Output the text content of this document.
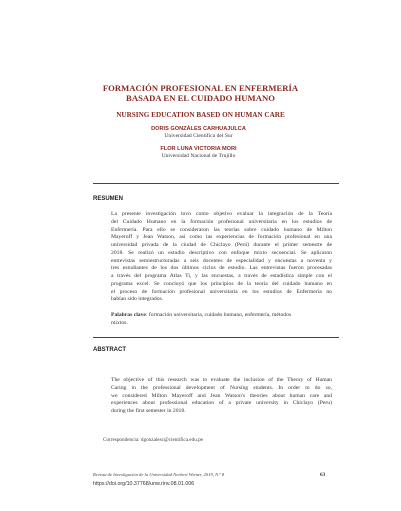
FORMACIÓN PROFESIONAL EN ENFERMERÍA
BASADA EN EL CUIDADO HUMANO
NURSING EDUCATION BASED ON HUMAN CARE
DORIS GONZÁLES CARHUAJULCA
Universidad Científica del Sur
FLOR LUNA VICTORIA MORI
Universidad Nacional de Trujillo
RESUMEN
La presente investigación tuvo como objetivo evaluar la integración de la Teoría
del Cuidado Humano en la formación profesional universitaria en los estudios de
Enfermería. Para ello se consideraron las teorías sobre cuidado humano de Milton
Mayeroff y Jean Watson, así como las experiencias de formación profesional en una
universidad privada de la ciudad de Chiclayo (Perú) durante el primer semestre de
2018. Se realizó un estudio descriptivo con enfoque mixto secuencial. Se aplicaron
entrevistas semiestructuradas a seis docentes de especialidad y encuestas a noventa y
tres estudiantes de los dos últimos ciclos de estudio. Las entrevistas fueron procesadas
a través del programa Atlas Ti, y las encuestas, a través de estadística simple con el
programa excel. Se concluyó que los principios de la teoría del cuidado humano en
el proceso de formación profesional universitaria en los estudios de Enfermería no
habían sido integrados.
Palabras clave: formación universitaria, cuidado humano, enfermería, métodos
mixtos.
ABSTRACT
The objective of this research was to evaluate the inclusion of the Theory of Human
Caring in the professional development of Nursing students. In order to do so,
we considered Milton Mayeroff and Jean Watson's theories about human care and
experiences about professional education of a private university in Chiclayo (Peru)
during the first semester in 2018.
Correspondencia: dgonzalesc@cientifica.edu.pe
Revista de Investigación de la Universidad Norbert Wiener, 2019, N.º 8	63
https://doi.org/10.37768/unw.rinv.08.01.006
